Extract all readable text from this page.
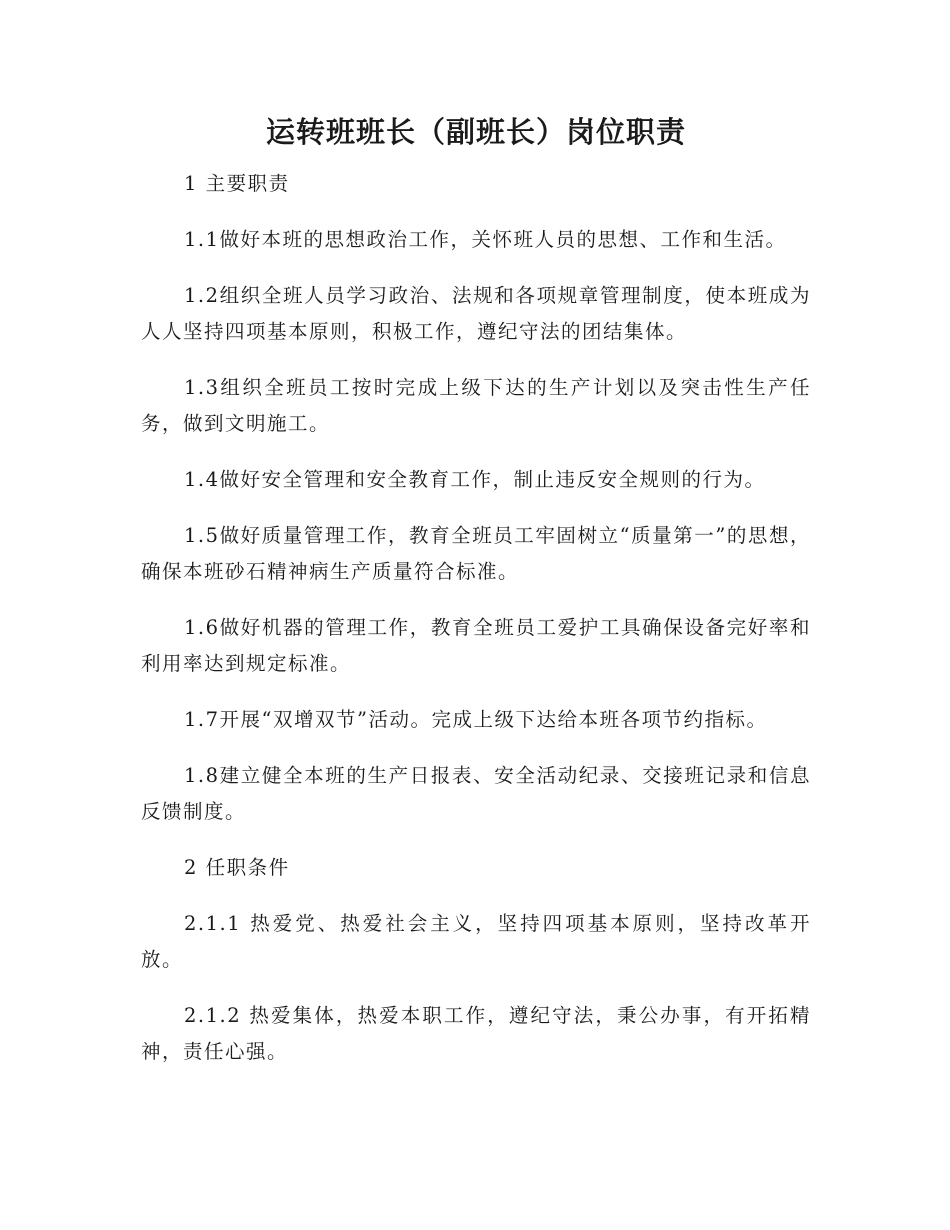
运转班班长（副班长）岗位职责

1 主要职责

1.1做好本班的思想政治工作，关怀班人员的思想、工作和生活。

1.2组织全班人员学习政治、法规和各项规章管理制度，使本班成为人人坚持四项基本原则，积极工作，遵纪守法的团结集体。

1.3组织全班员工按时完成上级下达的生产计划以及突击性生产任务，做到文明施工。

1.4做好安全管理和安全教育工作，制止违反安全规则的行为。

1.5做好质量管理工作，教育全班员工牢固树立“质量第一”的思想，确保本班砂石精神病生产质量符合标准。

1.6做好机器的管理工作，教育全班员工爱护工具确保设备完好率和利用率达到规定标准。

1.7开展“双增双节”活动。完成上级下达给本班各项节约指标。

1.8建立健全本班的生产日报表、安全活动纪录、交接班记录和信息反馈制度。

2 任职条件

2.1.1 热爱党、热爱社会主义，坚持四项基本原则，坚持改革开放。

2.1.2 热爱集体，热爱本职工作，遵纪守法，秉公办事，有开拓精神，责任心强。
